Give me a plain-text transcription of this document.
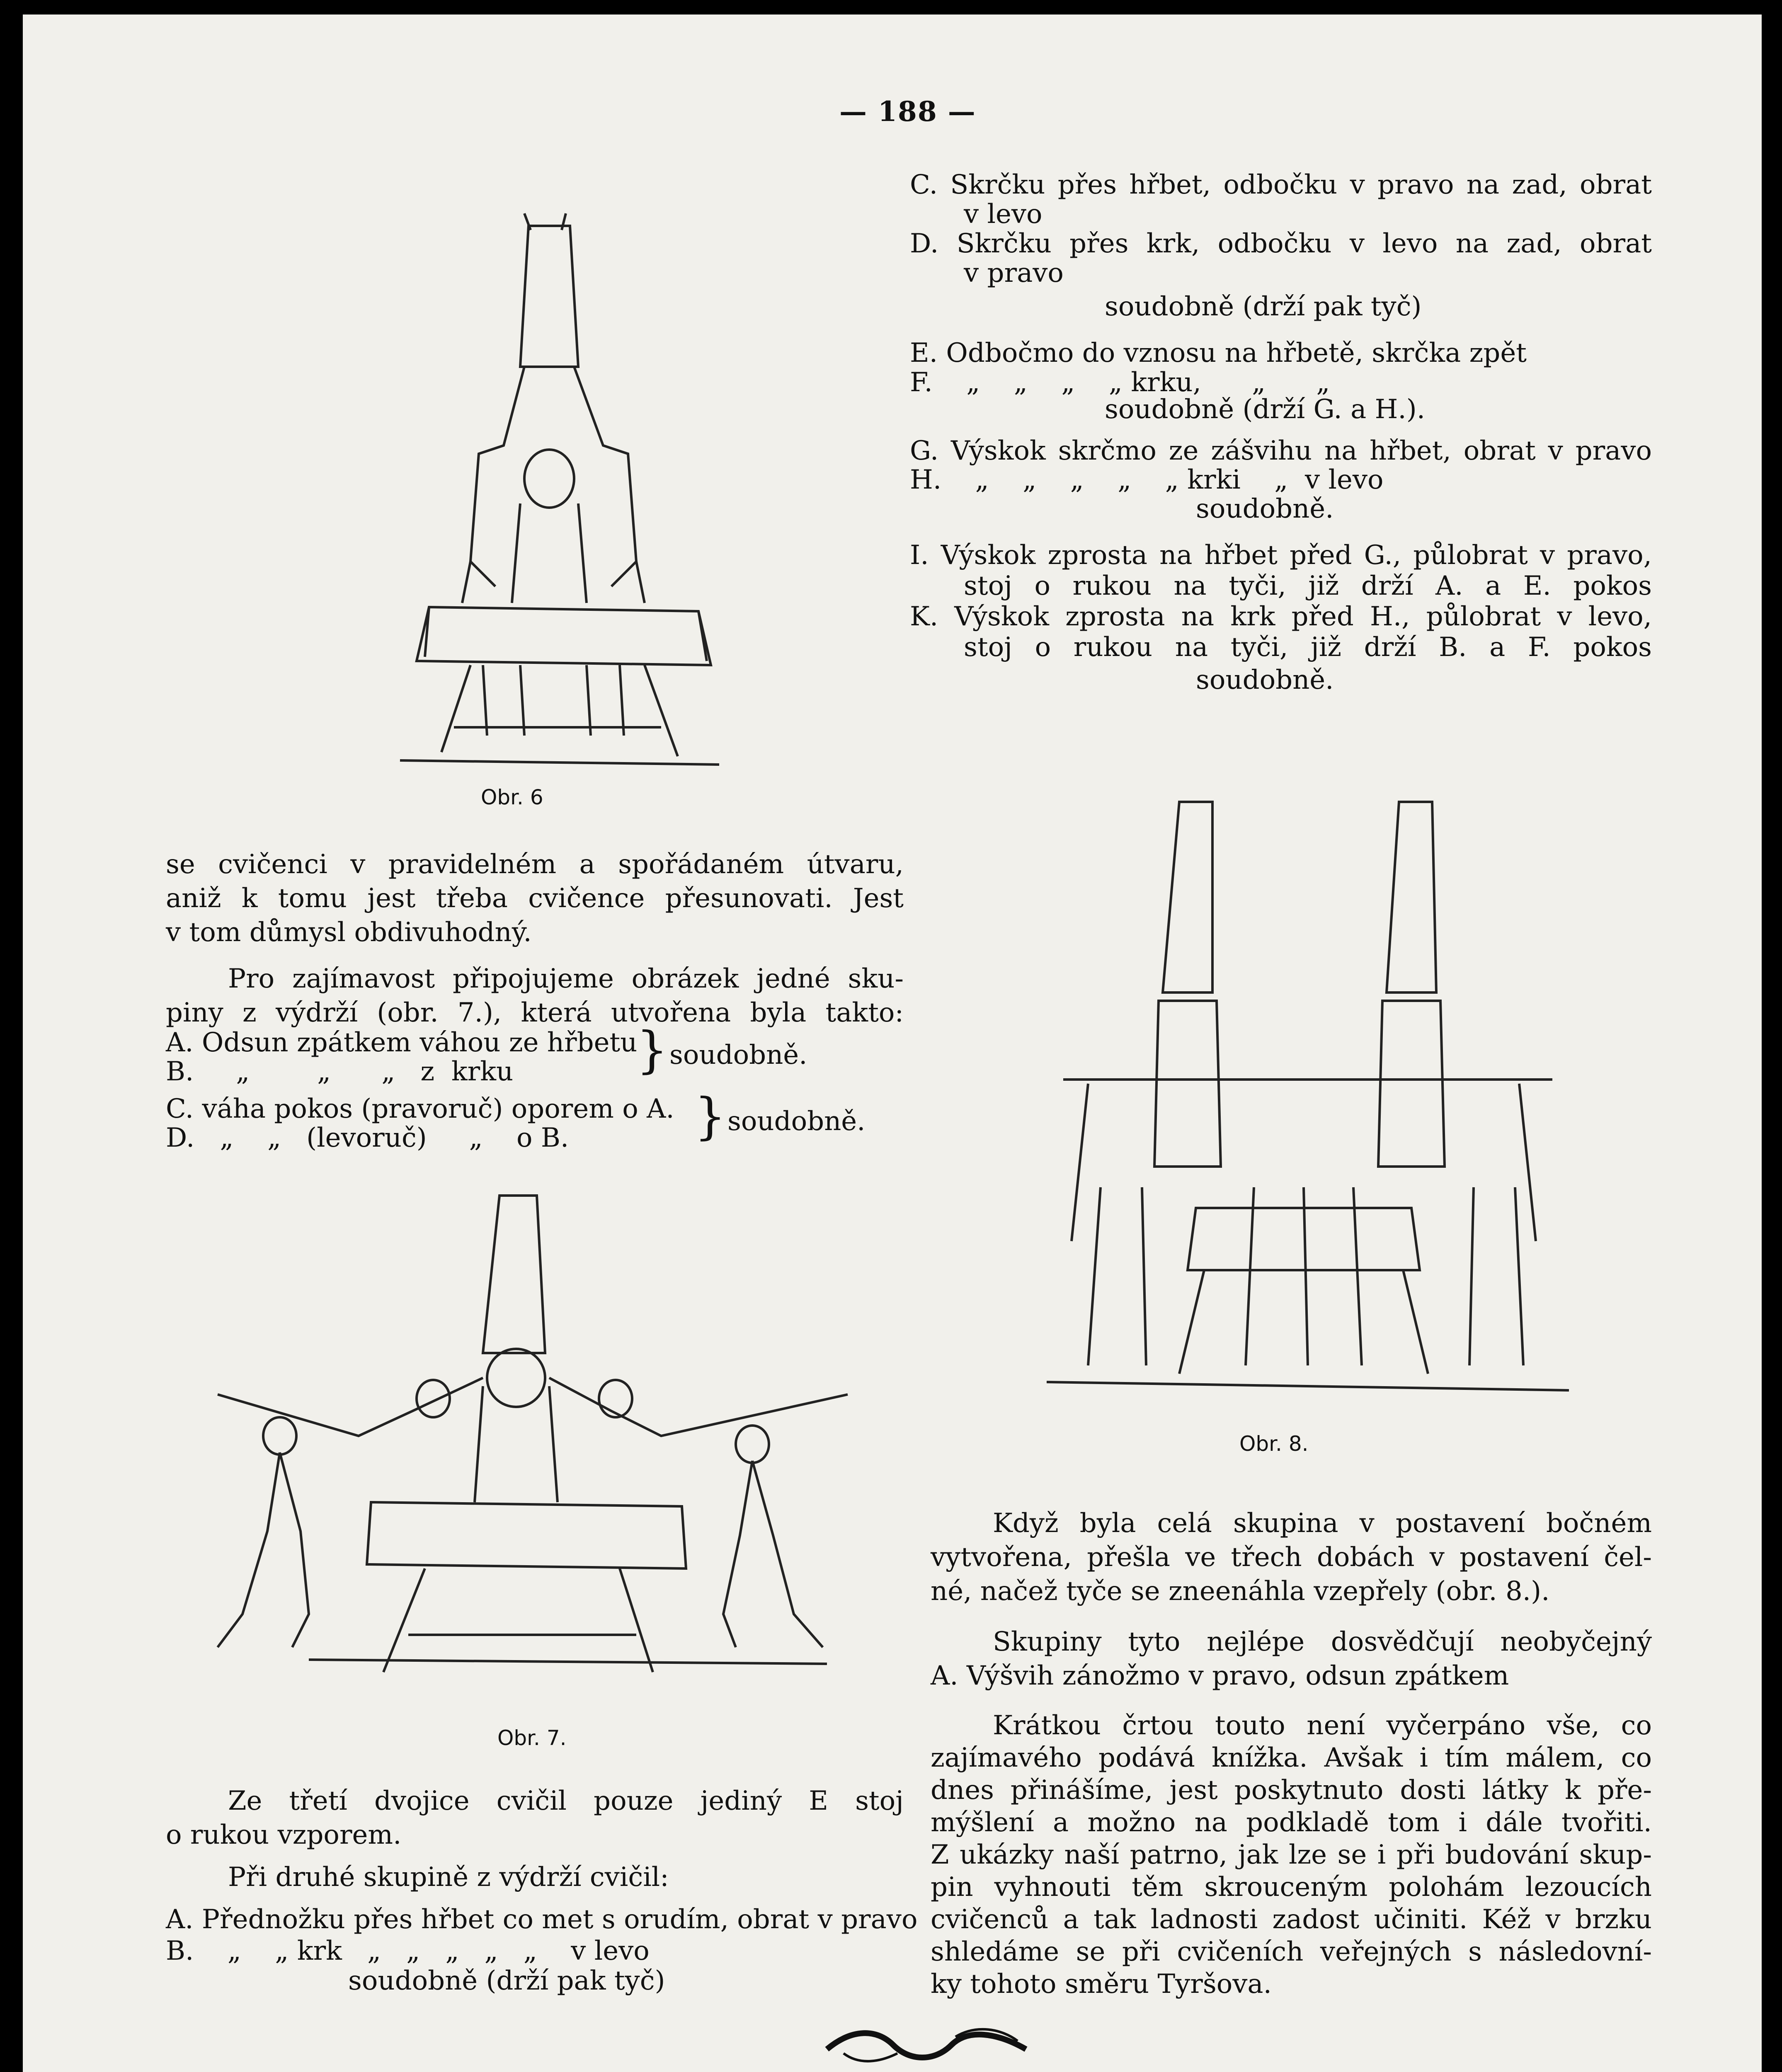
— 188 —
Obr. 6

C. Skrčku přes hřbet, odbočku v pravo na zad, obrat

v levo

D. Skrčku přes krk, odbočku v levo na zad, obrat

v pravo

soudobně (drží pak tyč)

E. Odbočmo do vznosu na hřbetě, skrčka zpět

F.    „    „    „    „ krku,      „      „

soudobně (drží G. a H.).

G. Výskok skrčmo ze zášvihu na hřbet, obrat v pravo

H.    „    „    „    „    „ krki    „  v levo

soudobně.

I. Výskok zprosta na hřbet před G., půlobrat v pravo,

stoj o rukou na tyči, již drží A. a E. pokos

K. Výskok zprosta na krk před H., půlobrat v levo,

stoj o rukou na tyči, již drží B. a F. pokos

soudobně.

se cvičenci v pravidelném a spořádaném útvaru,

aniž k tomu jest třeba cvičence přesunovati. Jest

v tom důmysl obdivuhodný.

Pro zajímavost připojujeme obrázek jedné sku-

piny z výdrží (obr. 7.), která utvořena byla takto:

A. Odsun zpátkem váhou ze hřbetu
B.     „        „      „   z  krku } soudobně.
C. váha pokos (pravoruč) oporem o A.
D.   „    „   (levoruč)     „    o B.	} soudobně.
Obr. 7.

Ze třetí dvojice cvičil pouze jediný E stoj

o rukou vzporem.

Při druhé skupině z výdrží cvičil:

A. Přednožku přes hřbet co met s orudím, obrat v pravo

B.    „    „ krk   „   „   „   „   „    v levo

soudobně (drží pak tyč)

Obr. 8.

Když byla celá skupina v postavení bočném

vytvořena, přešla ve třech dobách v postavení čel-

né, načež tyče se zneenáhla vzepřely (obr. 8.).

Skupiny tyto nejlépe dosvědčují neobyčejný

A. Výšvih zánožmo v pravo, odsun zpátkem

Krátkou črtou touto není vyčerpáno vše, co

zajímavého podává knížka. Avšak i tím málem, co

dnes přinášíme, jest poskytnuto dosti látky k pře-

mýšlení a možno na podkladě tom i dále tvořiti.

Z ukázky naší patrno, jak lze se i při budování skup-

pin vyhnouti těm skrouceným polohám lezoucích

cvičenců a tak ladnosti zadost učiniti. Kéž v brzku

shledáme se při cvičeních veřejných s následovní-

ky tohoto směru Tyršova.
